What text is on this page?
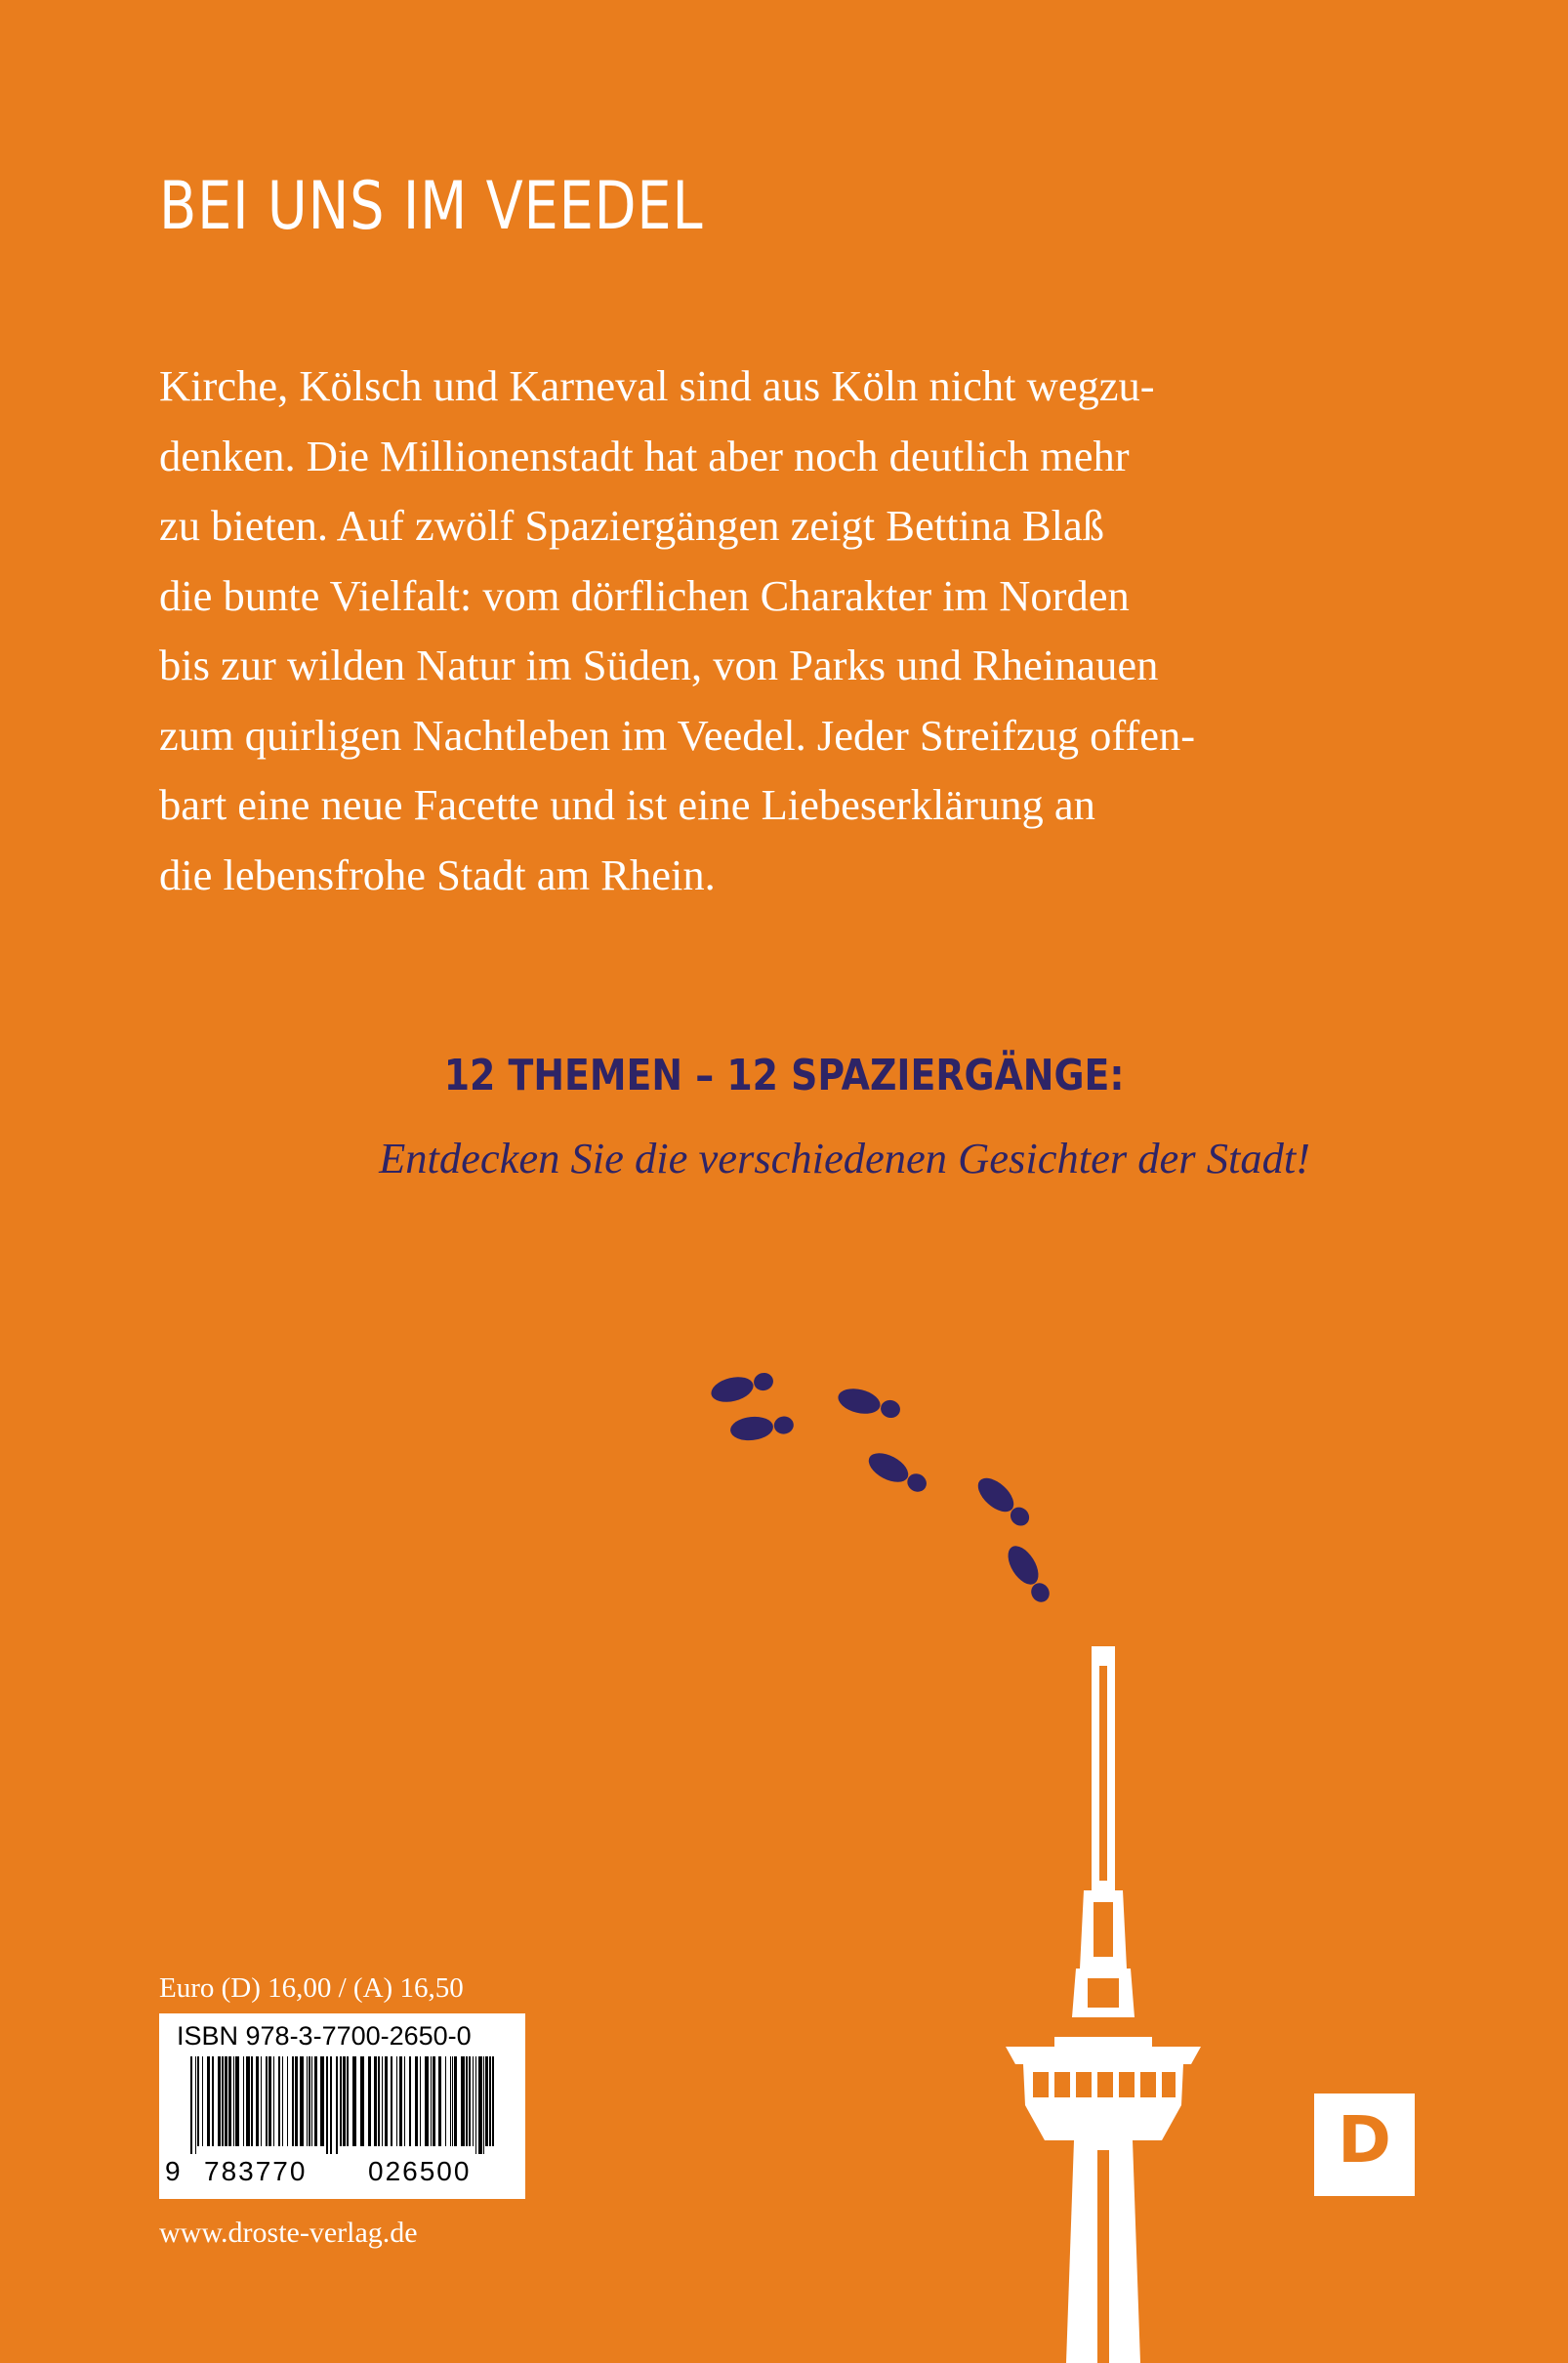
BEI UNS IM VEEDEL
Kirche, Kölsch und Karneval sind aus Köln nicht wegzu-
denken. Die Millionenstadt hat aber noch deutlich mehr
zu bieten. Auf zwölf Spaziergängen zeigt Bettina Blaß
die bunte Vielfalt: vom dörflichen Charakter im Norden
bis zur wilden Natur im Süden, von Parks und Rheinauen
zum quirligen Nachtleben im Veedel. Jeder Streifzug offen-
bart eine neue Facette und ist eine Liebeserklärung an
die lebensfrohe Stadt am Rhein.
12 THEMEN – 12 SPAZIERGÄNGE:
Entdecken Sie die verschiedenen Gesichter der Stadt!
Euro (D) 16,00 / (A) 16,50
ISBN 978-3-7700-2650-0
9 783770 026500
www.droste-verlag.de
D
